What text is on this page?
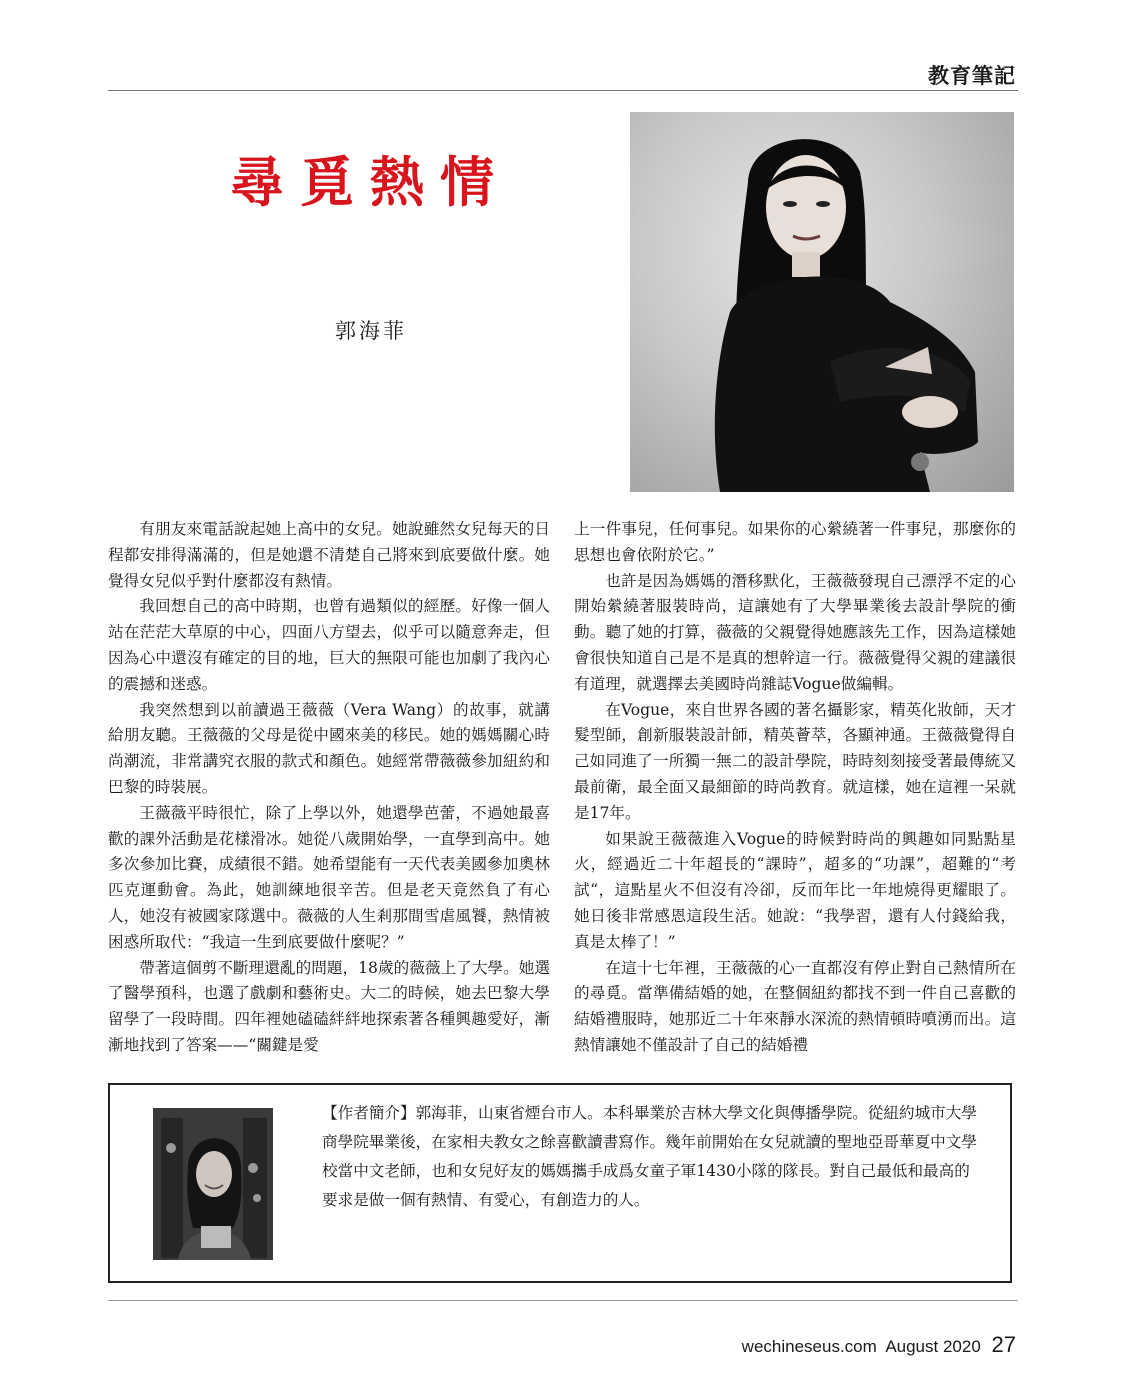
教育筆記
尋覓熱情
郭海菲

有朋友來電話說起她上高中的女兒。她說雖然女兒每天的日程都安排得滿滿的，但是她還不清楚自己將來到底要做什麼。她覺得女兒似乎對什麼都沒有熱情。

我回想自己的高中時期，也曾有過類似的經歷。好像一個人站在茫茫大草原的中心，四面八方望去，似乎可以隨意奔走，但因為心中還沒有確定的目的地，巨大的無限可能也加劇了我內心的震撼和迷惑。

我突然想到以前讀過王薇薇（Vera Wang）的故事，就講給朋友聽。王薇薇的父母是從中國來美的移民。她的媽媽關心時尚潮流，非常講究衣服的款式和顏色。她經常帶薇薇參加紐約和巴黎的時裝展。

王薇薇平時很忙，除了上學以外，她還學芭蕾，不過她最喜歡的課外活動是花樣滑冰。她從八歲開始學，一直學到高中。她多次參加比賽，成績很不錯。她希望能有一天代表美國參加奧林匹克運動會。為此，她訓練地很辛苦。但是老天竟然負了有心人，她沒有被國家隊選中。薇薇的人生剎那間雪虐風饕，熱情被困惑所取代：“我這一生到底要做什麼呢？”

帶著這個剪不斷理還亂的問題，18歲的薇薇上了大學。她選了醫學預科，也選了戲劇和藝術史。大二的時候，她去巴黎大學留學了一段時間。四年裡她磕磕絆絆地探索著各種興趣愛好，漸漸地找到了答案——“關鍵是愛

上一件事兒，任何事兒。如果你的心縈繞著一件事兒，那麼你的思想也會依附於它。”

也許是因為媽媽的潛移默化，王薇薇發現自己漂浮不定的心開始縈繞著服裝時尚，這讓她有了大學畢業後去設計學院的衝動。聽了她的打算，薇薇的父親覺得她應該先工作，因為這樣她會很快知道自己是不是真的想幹這一行。薇薇覺得父親的建議很有道理，就選擇去美國時尚雜誌Vogue做編輯。

在Vogue，來自世界各國的著名攝影家，精英化妝師，天才髮型師，創新服裝設計師，精英薈萃，各顯神通。王薇薇覺得自己如同進了一所獨一無二的設計學院，時時刻刻接受著最傳統又最前衛，最全面又最細節的時尚教育。就這樣，她在這裡一呆就是17年。

如果說王薇薇進入Vogue的時候對時尚的興趣如同點點星火，經過近二十年超長的“課時”，超多的“功課”，超難的“考試“，這點星火不但沒有冷卻，反而年比一年地燒得更耀眼了。她日後非常感恩這段生活。她說：“我學習，還有人付錢給我，真是太棒了！”

在這十七年裡，王薇薇的心一直都沒有停止對自己熱情所在的尋覓。當準備結婚的她，在整個紐約都找不到一件自己喜歡的結婚禮服時，她那近二十年來靜水深流的熱情頓時噴湧而出。這熱情讓她不僅設計了自己的結婚禮

【作者簡介】郭海菲，山東省煙台市人。本科畢業於吉林大學文化與傳播學院。從紐約城市大學商學院畢業後，在家相夫教女之餘喜歡讀書寫作。幾年前開始在女兒就讀的聖地亞哥華夏中文學校當中文老師，也和女兒好友的媽媽攜手成爲女童子軍1430小隊的隊長。對自己最低和最高的要求是做一個有熱情、有愛心，有創造力的人。
wechineseus.com August 2020 27
